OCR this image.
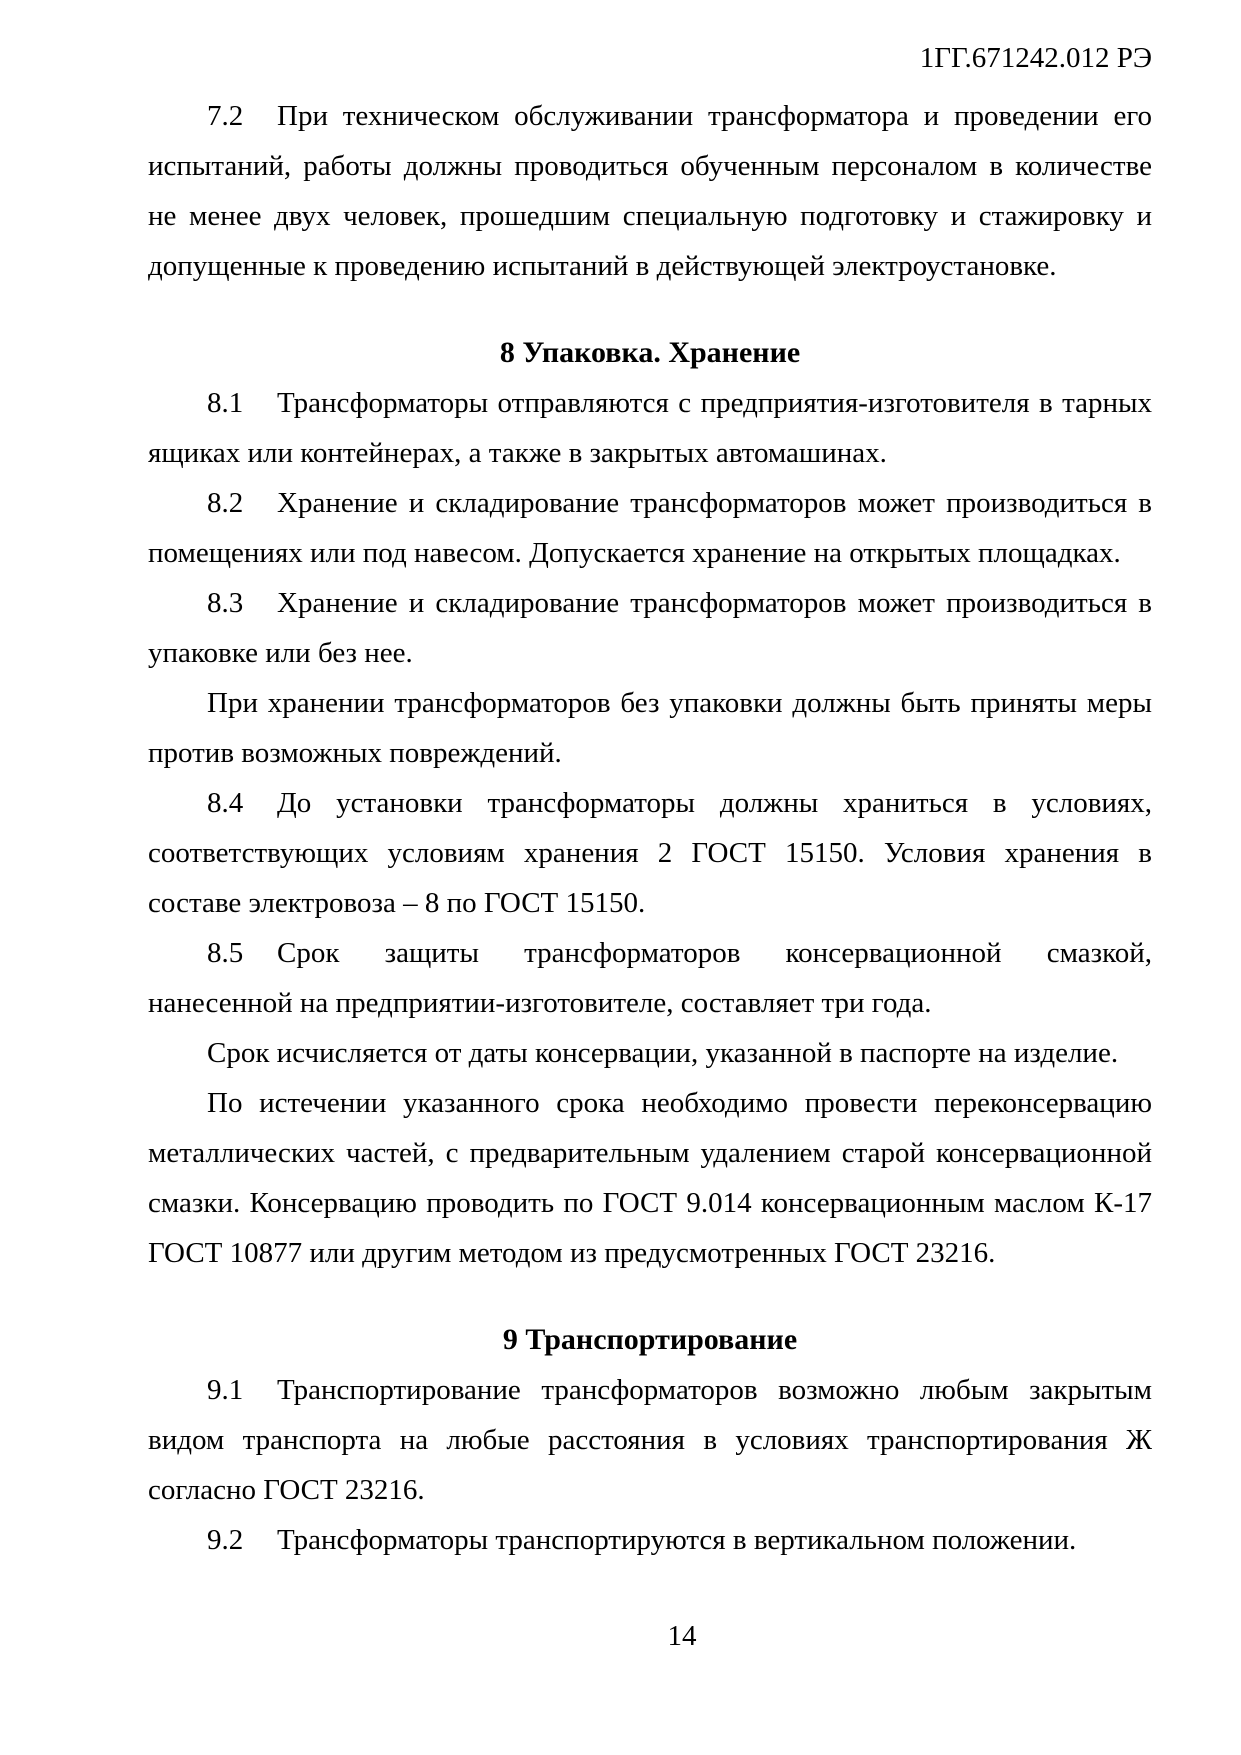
1ГГ.671242.012 РЭ

7.2 При техническом обслуживании трансформатора и проведении его испытаний, работы должны проводиться обученным персоналом в количестве не менее двух человек, прошедшим специальную подготовку и стажировку и допущенные к проведению испытаний в действующей электроустановке.

8 Упаковка. Хранение

8.1 Трансформаторы отправляются с предприятия-изготовителя в тарных ящиках или контейнерах, а также в закрытых автомашинах.

8.2 Хранение и складирование трансформаторов может производиться в помещениях или под навесом. Допускается хранение на открытых площадках.

8.3 Хранение и складирование трансформаторов может производиться в упаковке или без нее.

При хранении трансформаторов без упаковки должны быть приняты меры против возможных повреждений.

8.4 До установки трансформаторы должны храниться в условиях, соответствующих условиям хранения 2 ГОСТ 15150. Условия хранения в составе электровоза – 8 по ГОСТ 15150.

8.5 Срок защиты трансформаторов консервационной смазкой, нанесенной на предприятии-изготовителе, составляет три года.

Срок исчисляется от даты консервации, указанной в паспорте на изделие.

По истечении указанного срока необходимо провести переконсервацию металлических частей, с предварительным удалением старой консервационной смазки. Консервацию проводить по ГОСТ 9.014 консервационным маслом К-17 ГОСТ 10877 или другим методом из предусмотренных ГОСТ 23216.

9 Транспортирование

9.1 Транспортирование трансформаторов возможно любым закрытым видом транспорта на любые расстояния в условиях транспортирования Ж согласно ГОСТ 23216.

9.2 Трансформаторы транспортируются в вертикальном положении.

14
